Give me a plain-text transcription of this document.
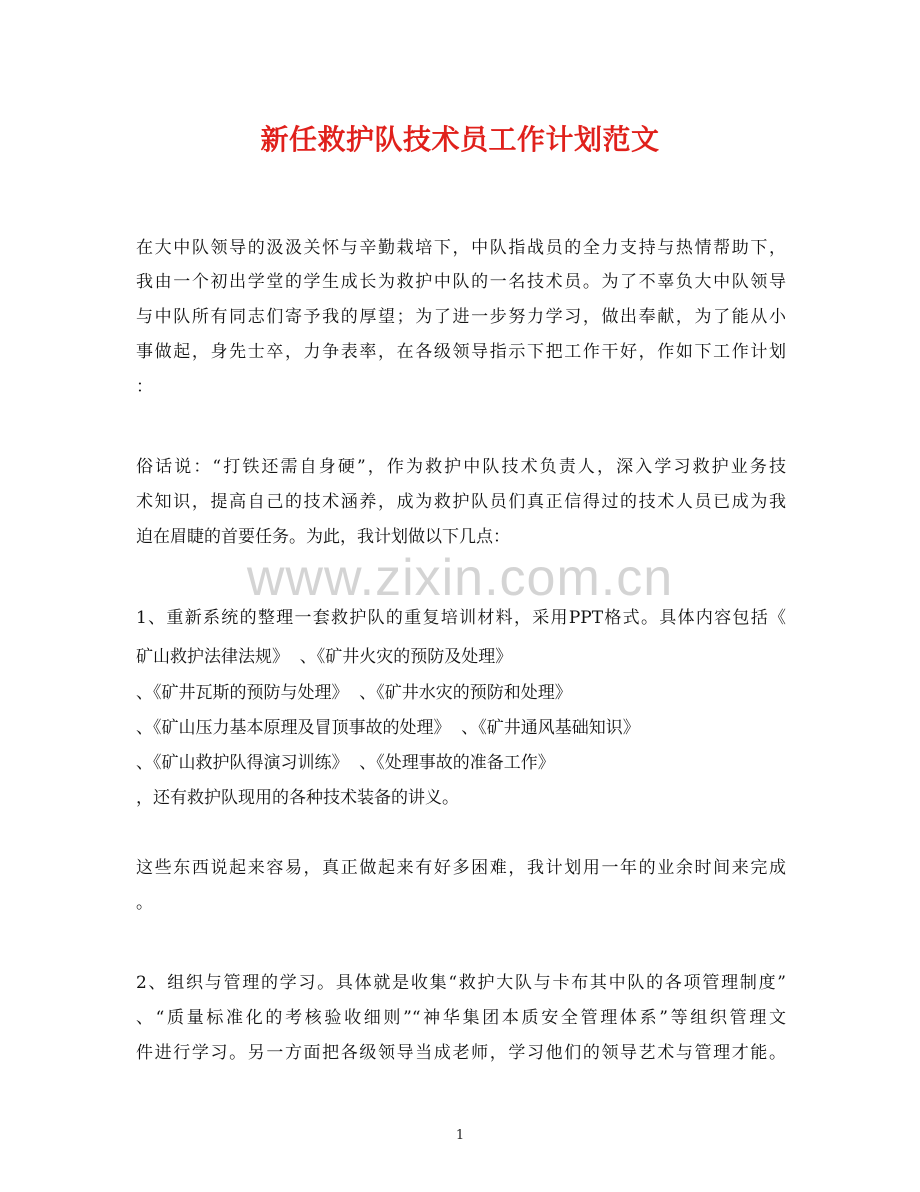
www.zixin.com.cn
新任救护队技术员工作计划范文
在大中队领导的汲汲关怀与辛勤栽培下，中队指战员的全力支持与热情帮助下，
我由一个初出学堂的学生成长为救护中队的一名技术员。为了不辜负大中队领导
与中队所有同志们寄予我的厚望；为了进一步努力学习，做出奉献，为了能从小
事做起，身先士卒，力争表率，在各级领导指示下把工作干好，作如下工作计划
：
俗话说：“打铁还需自身硬”，作为救护中队技术负责人，深入学习救护业务技
术知识，提高自己的技术涵养，成为救护队员们真正信得过的技术人员已成为我
迫在眉睫的首要任务。为此，我计划做以下几点：
1、重新系统的整理一套救护队的重复培训材料，采用PPT格式。具体内容包括《
矿山救护法律法规》  、《矿井火灾的预防及处理》
、《矿井瓦斯的预防与处理》  、《矿井水灾的预防和处理》
、《矿山压力基本原理及冒顶事故的处理》  、《矿井通风基础知识》
、《矿山救护队得演习训练》  、《处理事故的准备工作》
，还有救护队现用的各种技术装备的讲义。
这些东西说起来容易，真正做起来有好多困难，我计划用一年的业余时间来完成
。
2、组织与管理的学习。具体就是收集“救护大队与卡布其中队的各项管理制度”
、“质量标准化的考核验收细则”“神华集团本质安全管理体系”等组织管理文
件进行学习。另一方面把各级领导当成老师，学习他们的领导艺术与管理才能。
1
